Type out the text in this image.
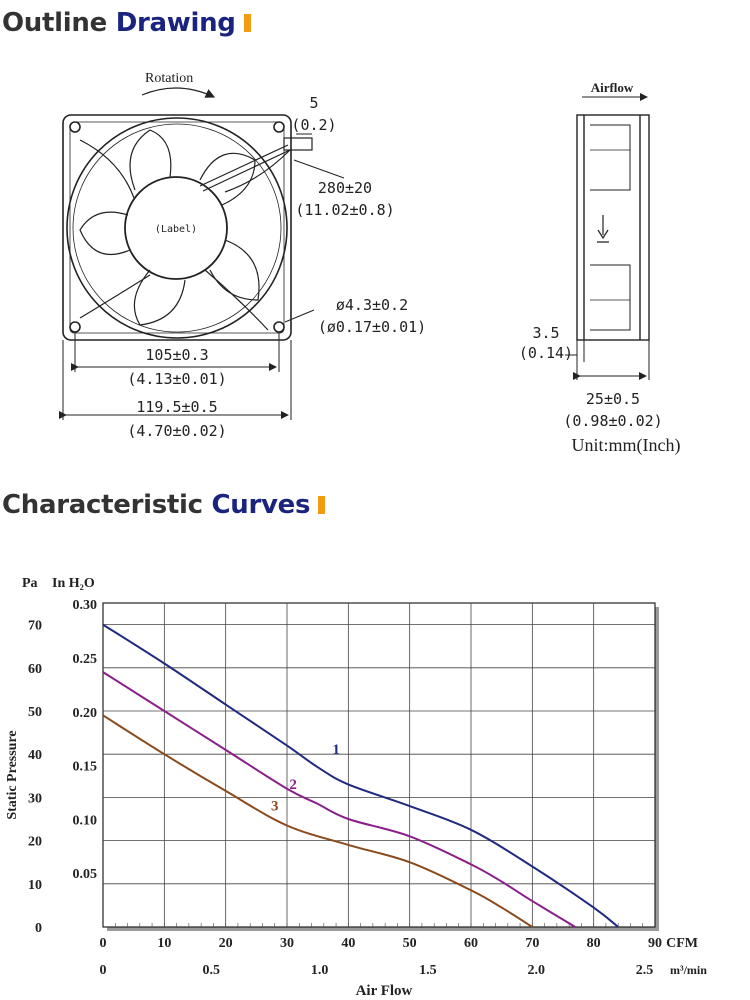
Outline Drawing
Characteristic Curves
Rotation
(Label)
5
(0.2)
280±20
(11.02±0.8)
ø4.3±0.2
(ø0.17±0.01)
105±0.3
(4.13±0.01)
119.5±0.5
(4.70±0.02)
Airflow
3.5
(0.14)
25±0.5
(0.98±0.02)
Unit:mm(Inch)
0	10	20	30	40	50	60	70	80	90
0
10
20
30
40
50
60
70
0.05
0.10
0.15
0.20
0.25
0.30
0	0.5	1.0	1.5	2.0	2.5
1
2
3
Pa In H₂O
Static Pressure
CFM
m³/min
Air Flow
